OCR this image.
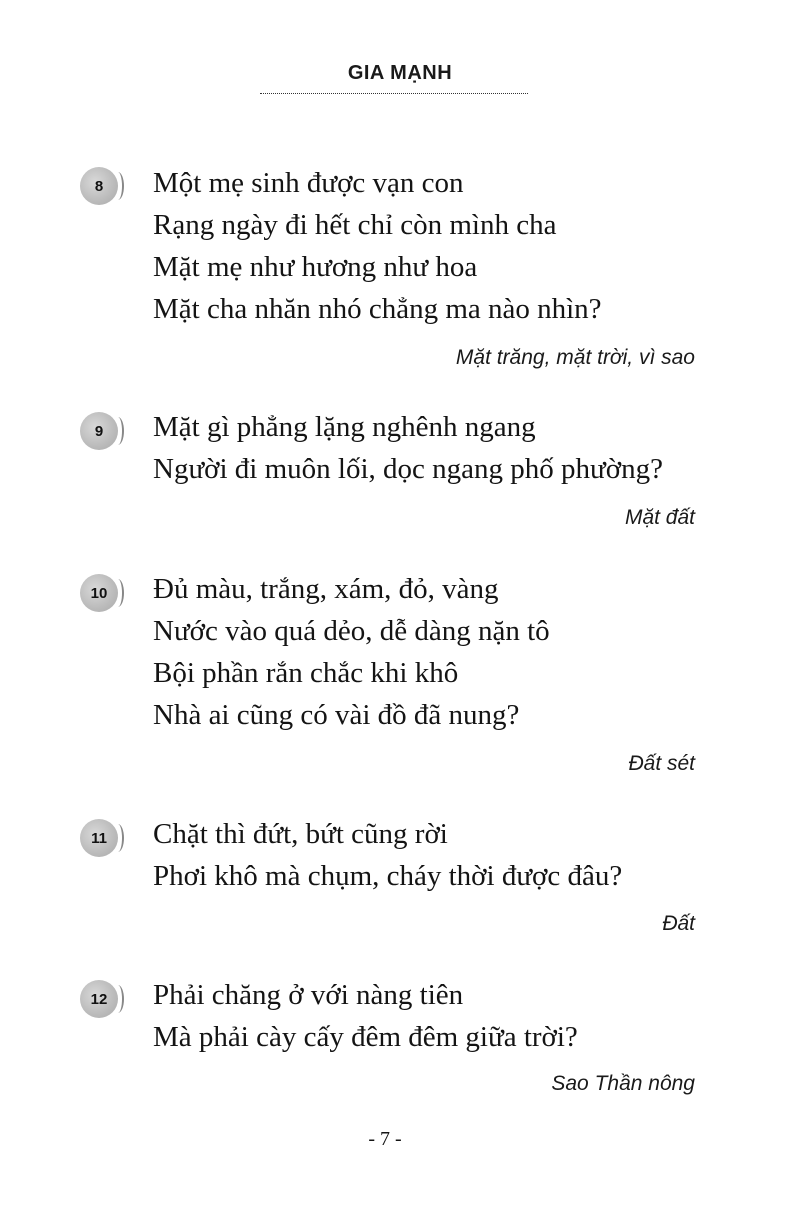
GIA MẠNH
8 Một mẹ sinh được vạn con
Rạng ngày đi hết chỉ còn mình cha
Mặt mẹ như hương như hoa
Mặt cha nhăn nhó chẳng ma nào nhìn?
Mặt trăng, mặt trời, vì sao
9 Mặt gì phẳng lặng nghênh ngang
Người đi muôn lối, dọc ngang phố phường?
Mặt đất
10 Đủ màu, trắng, xám, đỏ, vàng
Nước vào quá dẻo, dễ dàng nặn tô
Bội phần rắn chắc khi khô
Nhà ai cũng có vài đồ đã nung?
Đất sét
11 Chặt thì đứt, bứt cũng rời
Phơi khô mà chụm, cháy thời được đâu?
Đất
12 Phải chăng ở với nàng tiên
Mà phải cày cấy đêm đêm giữa trời?
Sao Thần nông
- 7 -
